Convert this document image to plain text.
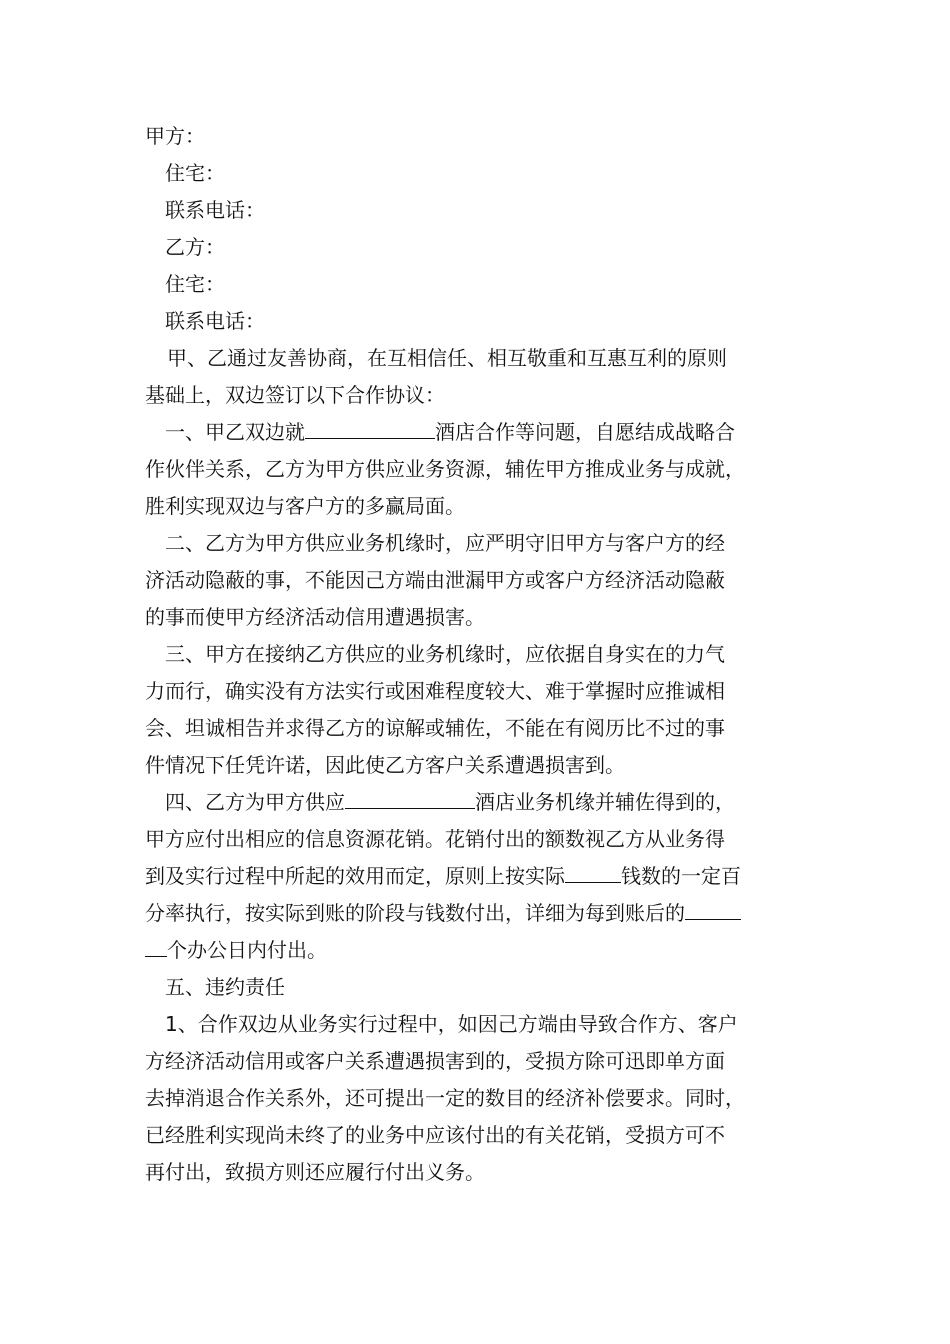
甲方：
住宅：
联系电话：
乙方：
住宅：
联系电话：
甲、乙通过友善协商，在互相信任、相互敬重和互惠互利的原则
基础上，双边签订以下合作协议：
一、甲乙双边就	酒店合作等问题，自愿结成战略合
作伙伴关系，乙方为甲方供应业务资源，辅佐甲方推成业务与成就，
胜利实现双边与客户方的多赢局面。
二、乙方为甲方供应业务机缘时，应严明守旧甲方与客户方的经
济活动隐蔽的事，不能因己方端由泄漏甲方或客户方经济活动隐蔽
的事而使甲方经济活动信用遭遇损害。
三、甲方在接纳乙方供应的业务机缘时，应依据自身实在的力气
力而行，确实没有方法实行或困难程度较大、难于掌握时应推诚相
会、坦诚相告并求得乙方的谅解或辅佐，不能在有阅历比不过的事
件情况下任凭许诺，因此使乙方客户关系遭遇损害到。
四、乙方为甲方供应	酒店业务机缘并辅佐得到的，
甲方应付出相应的信息资源花销。花销付出的额数视乙方从业务得
到及实行过程中所起的效用而定，原则上按实际	钱数的一定百
分率执行，按实际到账的阶段与钱数付出，详细为每到账后的
个办公日内付出。
五、违约责任
1、合作双边从业务实行过程中，如因己方端由导致合作方、客户
方经济活动信用或客户关系遭遇损害到的，受损方除可迅即单方面
去掉消退合作关系外，还可提出一定的数目的经济补偿要求。同时，
已经胜利实现尚未终了的业务中应该付出的有关花销，受损方可不
再付出，致损方则还应履行付出义务。
